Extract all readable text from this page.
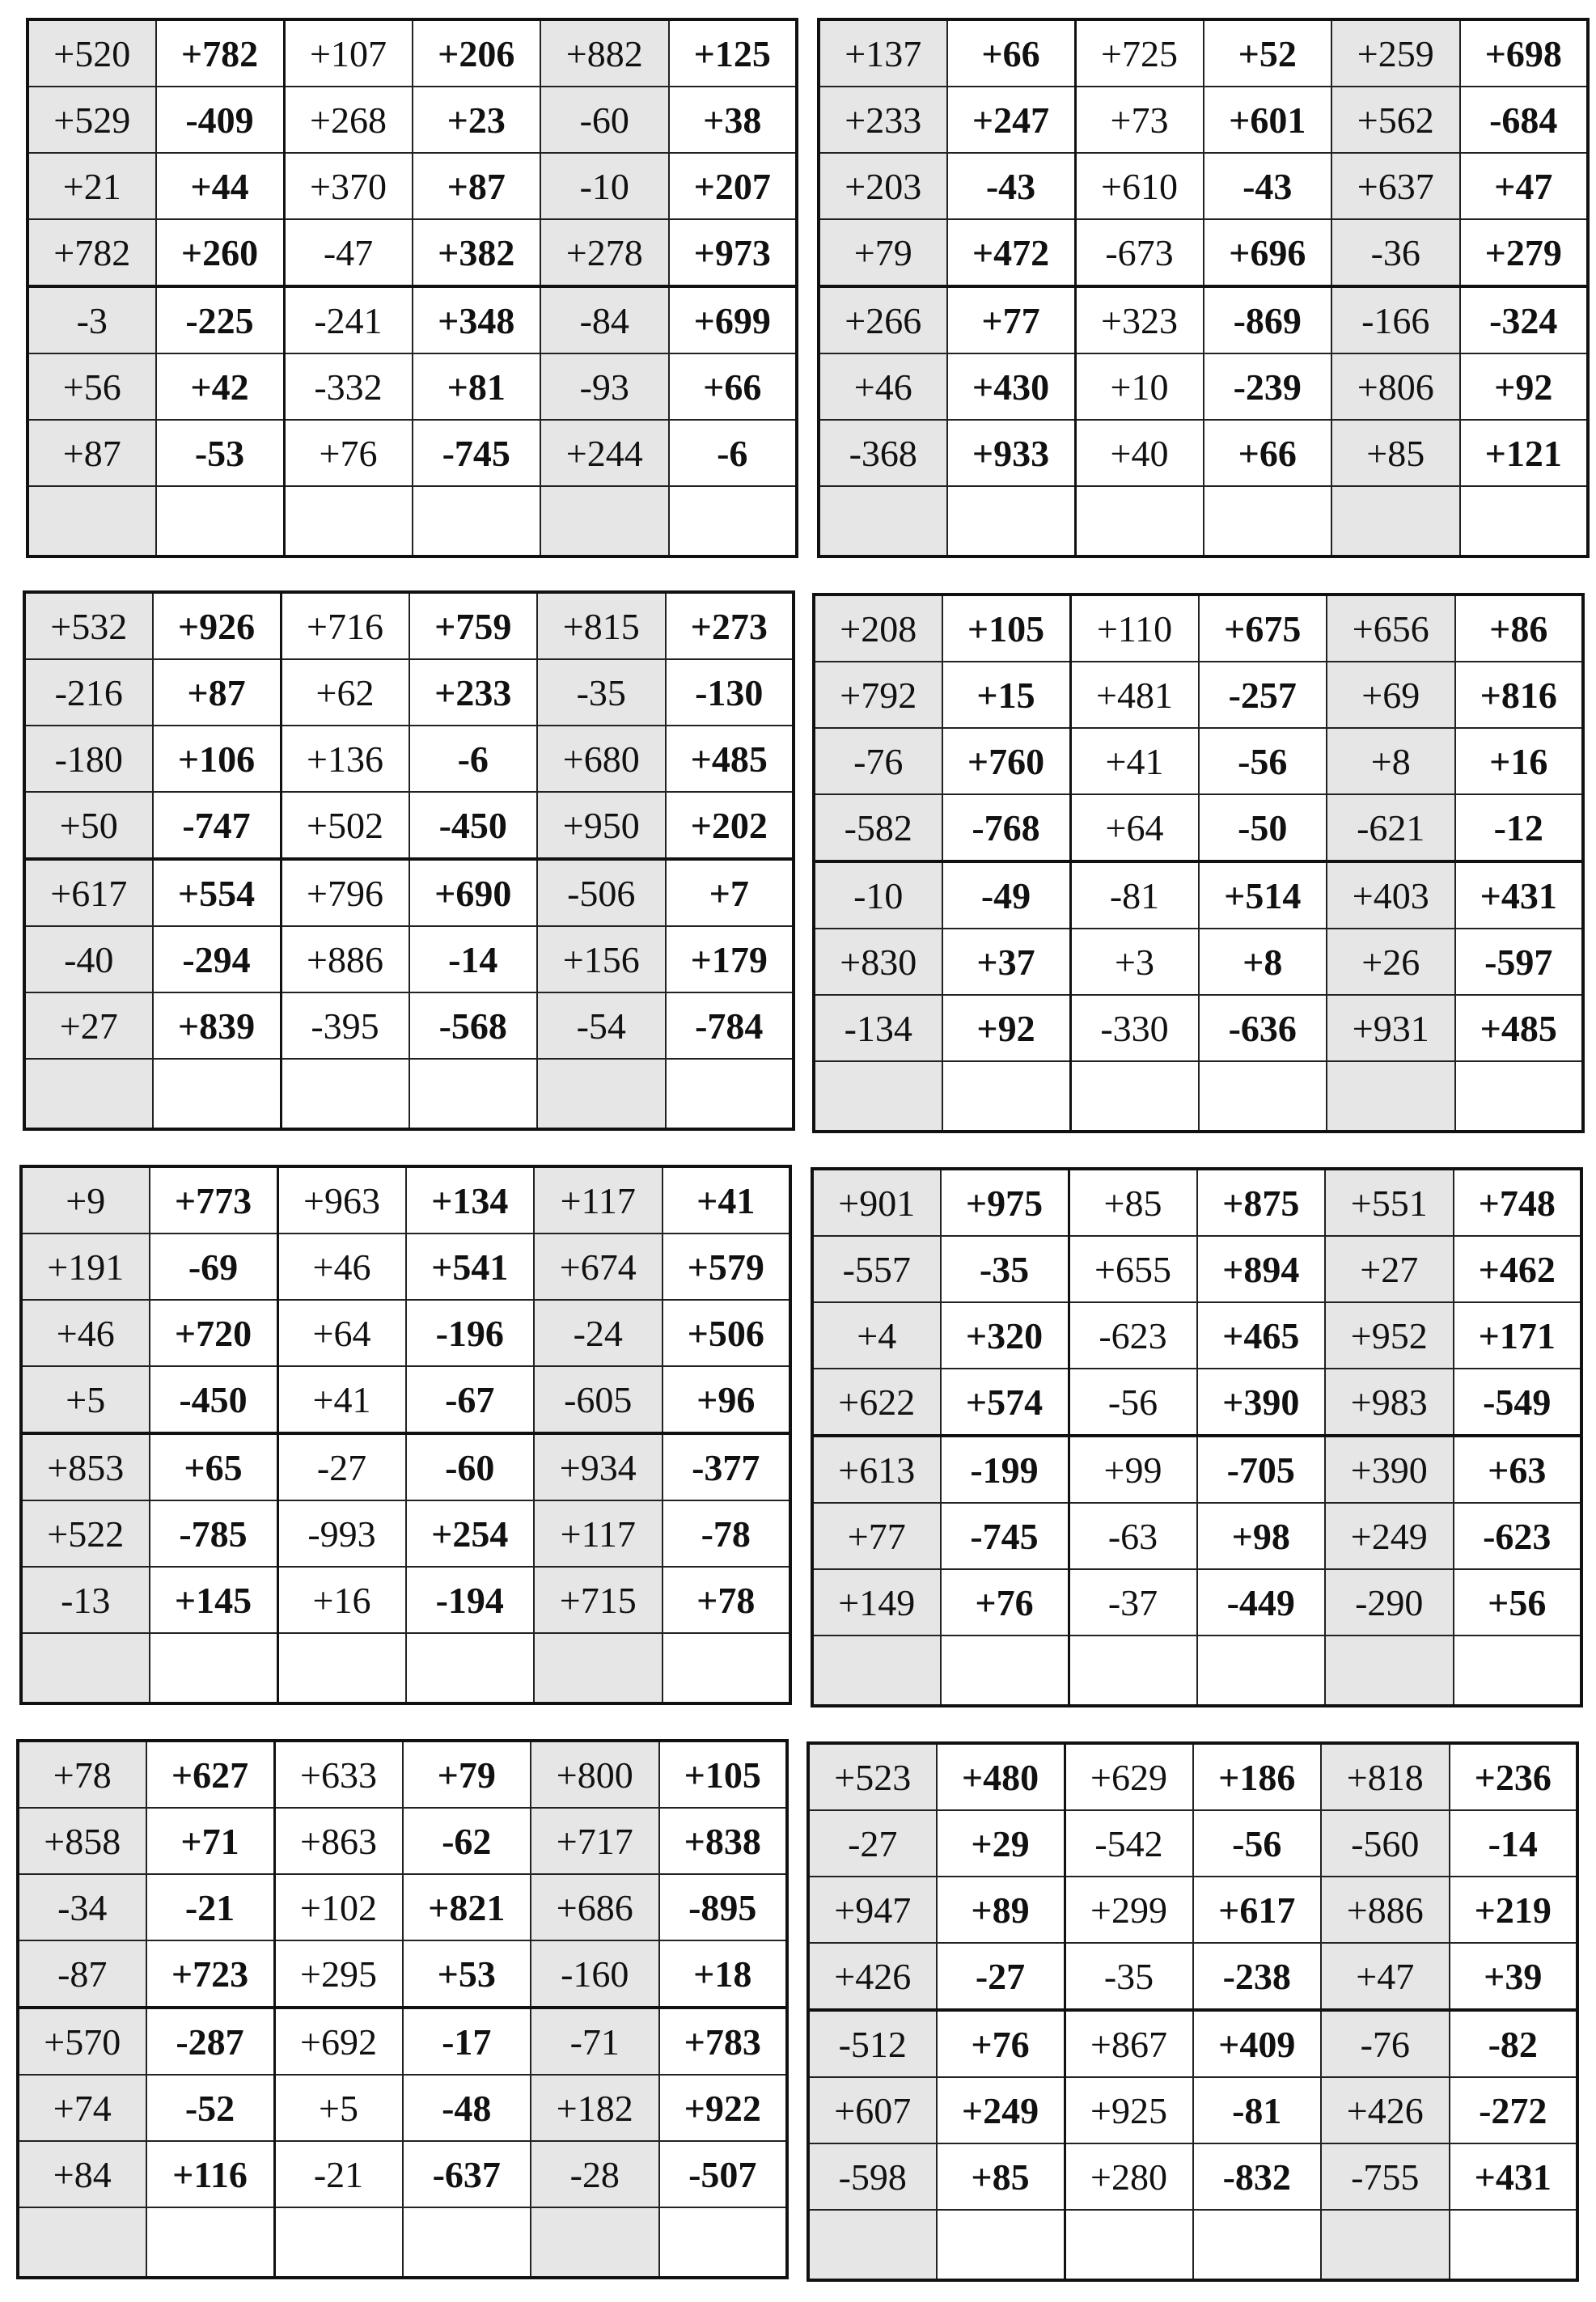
+520	+782	+107	+206	+882	+125
+529	-409	+268	+23	-60	+38
+21	+44	+370	+87	-10	+207
+782	+260	-47	+382	+278	+973
-3	-225	-241	+348	-84	+699
+56	+42	-332	+81	-93	+66
+87	-53	+76	-745	+244	-6

+137	+66	+725	+52	+259	+698
+233	+247	+73	+601	+562	-684
+203	-43	+610	-43	+637	+47
+79	+472	-673	+696	-36	+279
+266	+77	+323	-869	-166	-324
+46	+430	+10	-239	+806	+92
-368	+933	+40	+66	+85	+121

+532	+926	+716	+759	+815	+273
-216	+87	+62	+233	-35	-130
-180	+106	+136	-6	+680	+485
+50	-747	+502	-450	+950	+202
+617	+554	+796	+690	-506	+7
-40	-294	+886	-14	+156	+179
+27	+839	-395	-568	-54	-784

+208	+105	+110	+675	+656	+86
+792	+15	+481	-257	+69	+816
-76	+760	+41	-56	+8	+16
-582	-768	+64	-50	-621	-12
-10	-49	-81	+514	+403	+431
+830	+37	+3	+8	+26	-597
-134	+92	-330	-636	+931	+485

+9	+773	+963	+134	+117	+41
+191	-69	+46	+541	+674	+579
+46	+720	+64	-196	-24	+506
+5	-450	+41	-67	-605	+96
+853	+65	-27	-60	+934	-377
+522	-785	-993	+254	+117	-78
-13	+145	+16	-194	+715	+78

+901	+975	+85	+875	+551	+748
-557	-35	+655	+894	+27	+462
+4	+320	-623	+465	+952	+171
+622	+574	-56	+390	+983	-549
+613	-199	+99	-705	+390	+63
+77	-745	-63	+98	+249	-623
+149	+76	-37	-449	-290	+56

+78	+627	+633	+79	+800	+105
+858	+71	+863	-62	+717	+838
-34	-21	+102	+821	+686	-895
-87	+723	+295	+53	-160	+18
+570	-287	+692	-17	-71	+783
+74	-52	+5	-48	+182	+922
+84	+116	-21	-637	-28	-507

+523	+480	+629	+186	+818	+236
-27	+29	-542	-56	-560	-14
+947	+89	+299	+617	+886	+219
+426	-27	-35	-238	+47	+39
-512	+76	+867	+409	-76	-82
+607	+249	+925	-81	+426	-272
-598	+85	+280	-832	-755	+431
